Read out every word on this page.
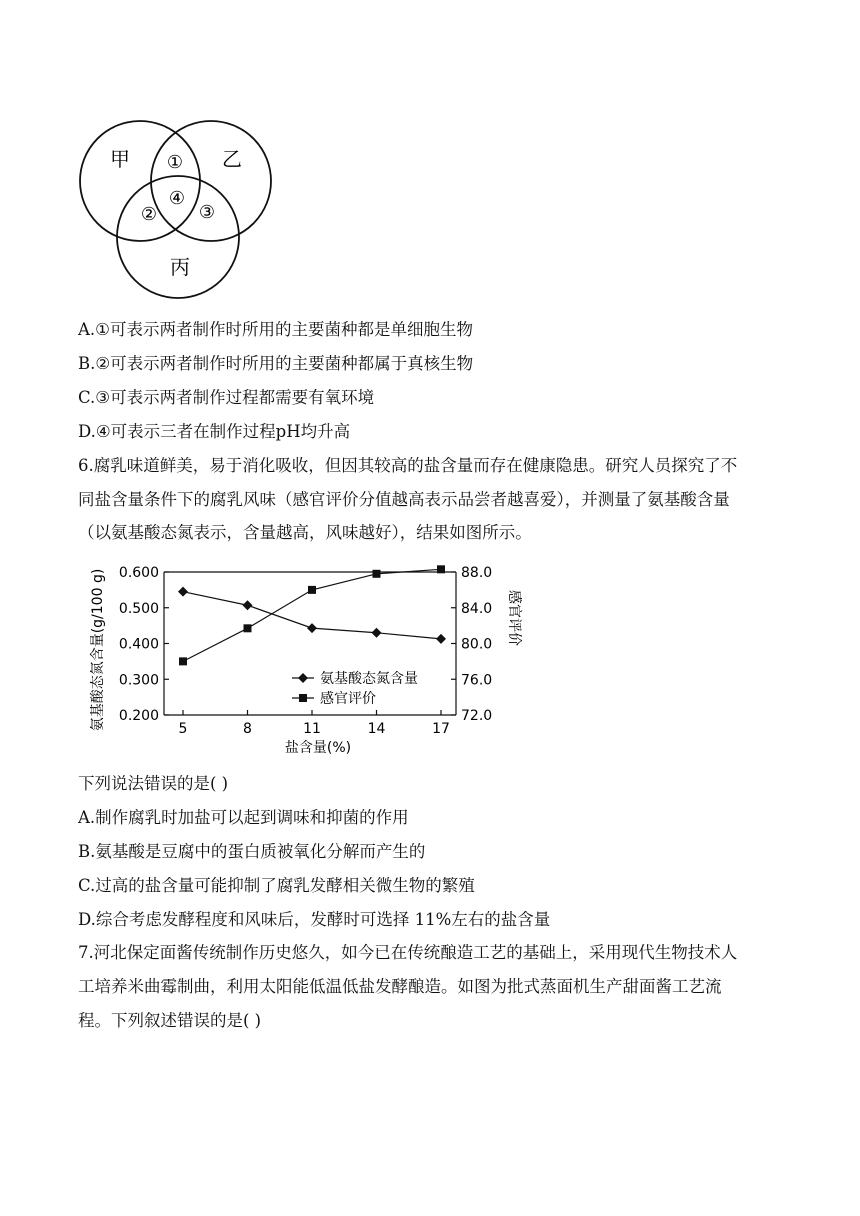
甲	乙
丙
①
② ③
④
A.①可表示两者制作时所用的主要菌种都是单细胞生物
B.②可表示两者制作时所用的主要菌种都属于真核生物
C.③可表示两者制作过程都需要有氧环境
D.④可表示三者在制作过程pH均升高
6.腐乳味道鲜美，易于消化吸收，但因其较高的盐含量而存在健康隐患。研究人员探究了不
同盐含量条件下的腐乳风味（感官评价分值越高表示品尝者越喜爱），并测量了氨基酸含量
（以氨基酸态氮表示，含量越高，风味越好），结果如图所示。
5	8	11	14	17
0.200
0.300
0.400
0.500
0.600
72.0
76.0
80.0
84.0
88.0
氨基酸态氮含量(g/100 g)	感官评价
盐含量(%)
氨基酸态氮含量
感官评价
下列说法错误的是( )
A.制作腐乳时加盐可以起到调味和抑菌的作用
B.氨基酸是豆腐中的蛋白质被氧化分解而产生的
C.过高的盐含量可能抑制了腐乳发酵相关微生物的繁殖
D.综合考虑发酵程度和风味后，发酵时可选择 11%左右的盐含量
7.河北保定面酱传统制作历史悠久，如今已在传统酿造工艺的基础上，采用现代生物技术人
工培养米曲霉制曲，利用太阳能低温低盐发酵酿造。如图为批式蒸面机生产甜面酱工艺流
程。下列叙述错误的是( )
